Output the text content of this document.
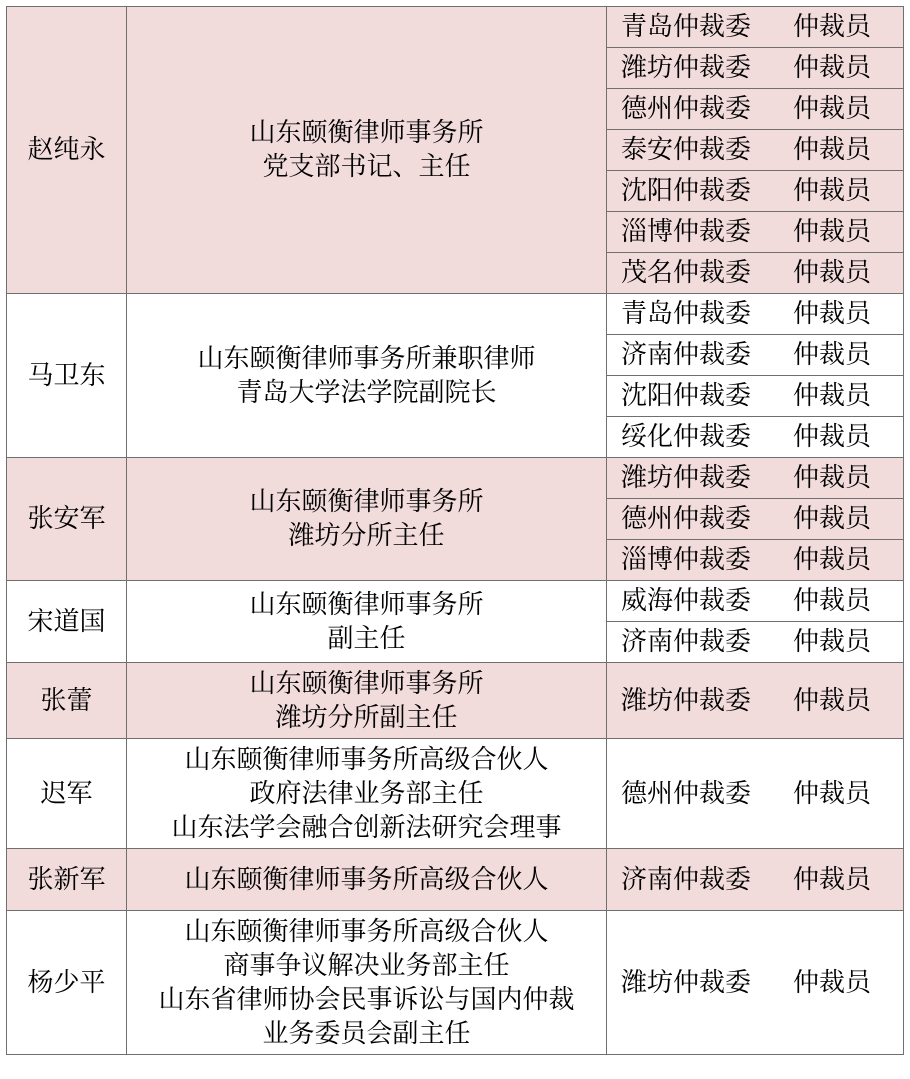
赵纯永	山东颐衡律师事务所
党支部书记、主任	青岛仲裁委 仲裁员
		潍坊仲裁委 仲裁员
		德州仲裁委 仲裁员
		泰安仲裁委 仲裁员
		沈阳仲裁委 仲裁员
		淄博仲裁委 仲裁员
		茂名仲裁委 仲裁员
马卫东	山东颐衡律师事务所兼职律师
青岛大学法学院副院长	青岛仲裁委 仲裁员
		济南仲裁委 仲裁员
		沈阳仲裁委 仲裁员
		绥化仲裁委 仲裁员
张安军	山东颐衡律师事务所
潍坊分所主任	潍坊仲裁委 仲裁员
		德州仲裁委 仲裁员
		淄博仲裁委 仲裁员
宋道国	山东颐衡律师事务所
副主任	威海仲裁委 仲裁员
		济南仲裁委 仲裁员
张蕾	山东颐衡律师事务所
潍坊分所副主任	潍坊仲裁委 仲裁员
迟军	山东颐衡律师事务所高级合伙人
政府法律业务部主任
山东法学会融合创新法研究会理事	德州仲裁委 仲裁员
张新军	山东颐衡律师事务所高级合伙人	济南仲裁委 仲裁员
杨少平	山东颐衡律师事务所高级合伙人
商事争议解决业务部主任
山东省律师协会民事诉讼与国内仲裁
业务委员会副主任	潍坊仲裁委 仲裁员
